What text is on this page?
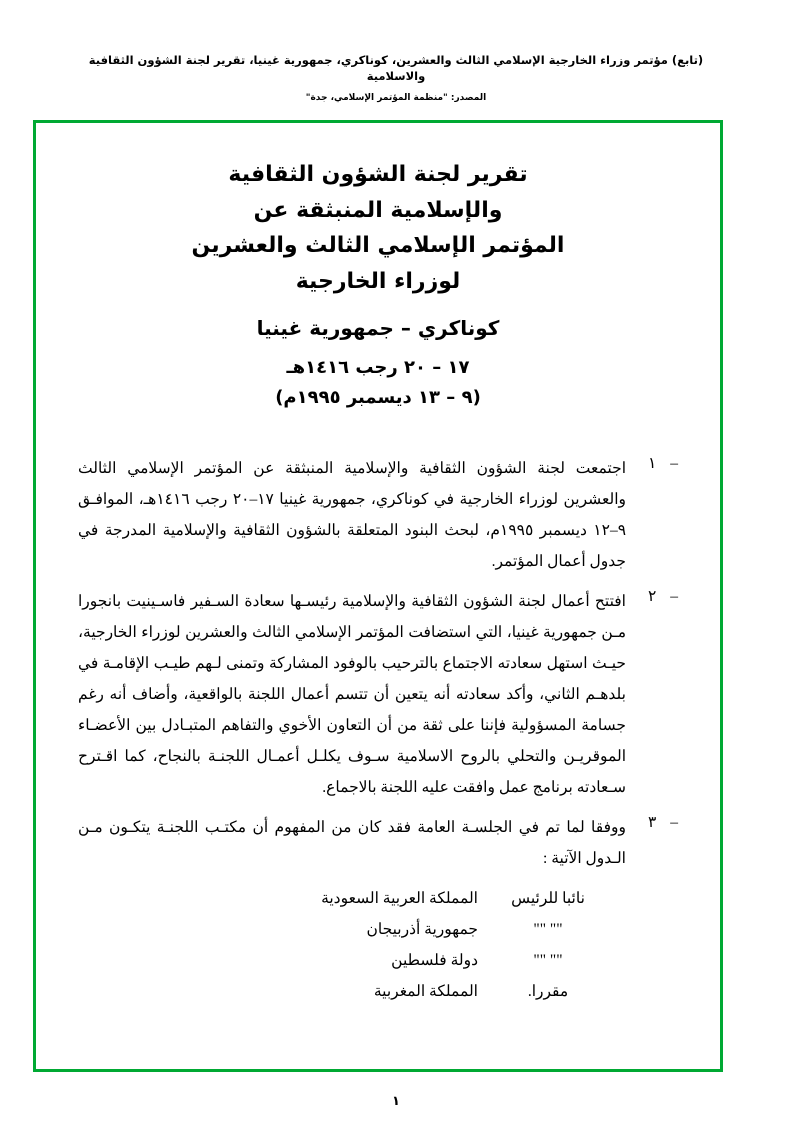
(تابع) مؤتمر وزراء الخارجية الإسلامي الثالث والعشرين، كوناكري، جمهورية غينيا، تقرير لجنة الشؤون الثقافية والاسلامية
المصدر: "منظمة المؤتمر الإسلامي، جدة"
تقرير لجنة الشؤون الثقافية
والإسلامية المنبثقة عن
المؤتمر الإسلامي الثالث والعشرين
لوزراء الخارجية
كوناكري – جمهورية غينيا
١٧ – ٢٠ رجب ١٤١٦هـ
(٩ – ١٣ ديسمبر ١٩٩٥م)
– ١
اجتمعت لجنة الشؤون الثقافية والإسلامية المنبثقة عن المؤتمر الإسلامي الثالث والعشرين لوزراء الخارجية في كوناكري، جمهورية غينيا ١٧–٢٠ رجب ١٤١٦هـ، الموافـق ٩–١٢ ديسمبر ١٩٩٥م، لبحث البنود المتعلقة بالشؤون الثقافية والإسلامية المدرجة في جدول أعمال المؤتمر.
– ٢
افتتح أعمال لجنة الشؤون الثقافية والإسلامية رئيسـها سعادة السـفير فاسـينيت بانجورا مـن جمهورية غينيا، التي استضافت المؤتمر الإسلامي الثالث والعشرين لوزراء الخارجية، حيـث استهل سعادته الاجتماع بالترحيب بالوفود المشاركة وتمنى لـهم طيـب الإقامـة في بلدهـم الثاني، وأكد سعادته أنه يتعين أن تتسم أعمال اللجنة بالواقعية، وأضاف أنه رغم جسامة المسؤولية فإننا على ثقة من أن التعاون الأخوي والتفاهم المتبـادل بين الأعضـاء الموقريـن والتحلي بالروح الاسلامية سـوف يكلـل أعمـال اللجنـة بالنجاح، كما اقـترح سـعادته برنامج عمل وافقت عليه اللجنة بالاجماع.
– ٣
ووفقا لما تم في الجلسـة العامة فقد كان من المفهوم أن مكتـب اللجنـة يتكـون مـن الـدول الآتية :
نائبا للرئيس
المملكة العربية السعودية
"" ""
جمهورية أذربيجان
"" ""
دولة فلسطين
مقررا.
المملكة المغربية
١
